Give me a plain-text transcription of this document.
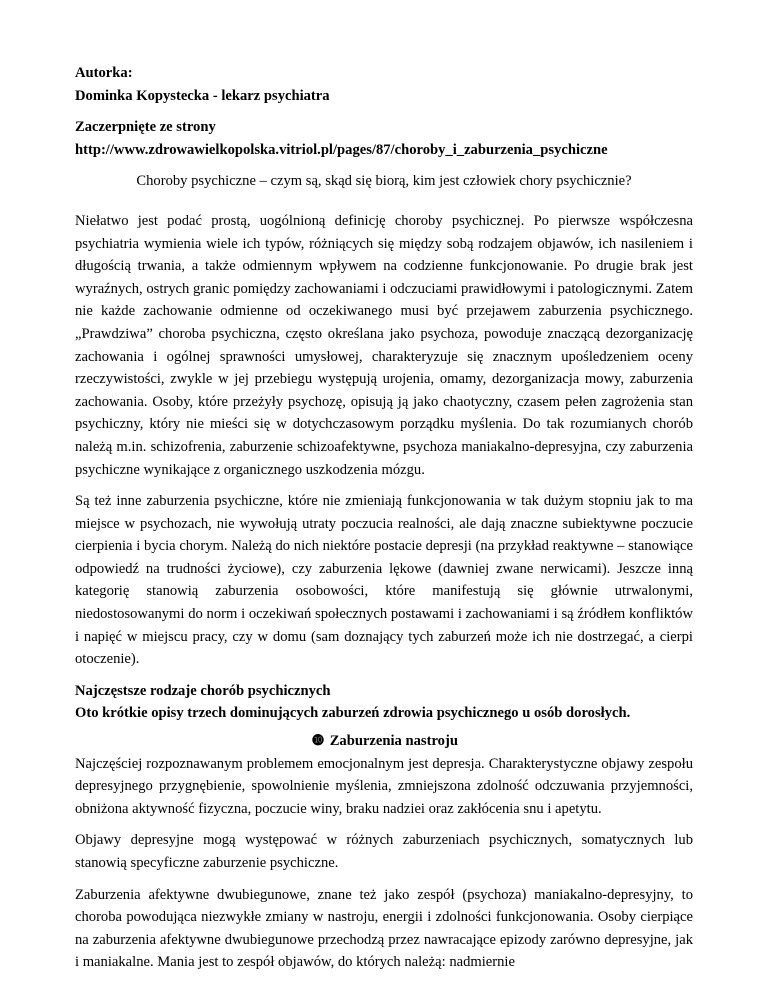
Autorka:

Dominka Kopystecka - lekarz psychiatra

Zaczerpnięte ze strony

http://www.zdrowawielkopolska.vitriol.pl/pages/87/choroby_i_zaburzenia_psychiczne

Choroby psychiczne – czym są, skąd się biorą, kim jest człowiek chory psychicznie?

Niełatwo jest podać prostą, uogólnioną definicję choroby psychicznej. Po pierwsze współczesna psychiatria wymienia wiele ich typów, różniących się między sobą rodzajem objawów, ich nasileniem i długością trwania, a także odmiennym wpływem na codzienne funkcjonowanie. Po drugie brak jest wyraźnych, ostrych granic pomiędzy zachowaniami i odczuciami prawidłowymi i patologicznymi. Zatem nie każde zachowanie odmienne od oczekiwanego musi być przejawem zaburzenia psychicznego. „Prawdziwa” choroba psychiczna, często określana jako psychoza, powoduje znaczącą dezorganizację zachowania i ogólnej sprawności umysłowej, charakteryzuje się znacznym upośledzeniem oceny rzeczywistości, zwykle w jej przebiegu występują urojenia, omamy, dezorganizacja mowy, zaburzenia zachowania. Osoby, które przeżyły psychozę, opisują ją jako chaotyczny, czasem pełen zagrożenia stan psychiczny, który nie mieści się w dotychczasowym porządku myślenia. Do tak rozumianych chorób należą m.in. schizofrenia, zaburzenie schizoafektywne, psychoza maniakalno-depresyjna, czy zaburzenia psychiczne wynikające z organicznego uszkodzenia mózgu.

Są też inne zaburzenia psychiczne, które nie zmieniają funkcjonowania w tak dużym stopniu jak to ma miejsce w psychozach, nie wywołują utraty poczucia realności, ale dają znaczne subiektywne poczucie cierpienia i bycia chorym. Należą do nich niektóre postacie depresji (na przykład reaktywne – stanowiące odpowiedź na trudności życiowe), czy zaburzenia lękowe (dawniej zwane nerwicami). Jeszcze inną kategorię stanowią zaburzenia osobowości, które manifestują się głównie utrwalonymi, niedostosowanymi do norm i oczekiwań społecznych postawami i zachowaniami i są źródłem konfliktów i napięć w miejscu pracy, czy w domu (sam doznający tych zaburzeń może ich nie dostrzegać, a cierpi otoczenie).

Najczęstsze rodzaje chorób psychicznych

Oto krótkie opisy trzech dominujących zaburzeń zdrowia psychicznego u osób dorosłych.

❿ Zaburzenia nastroju

Najczęściej rozpoznawanym problemem emocjonalnym jest depresja. Charakterystyczne objawy zespołu depresyjnego przygnębienie, spowolnienie myślenia, zmniejszona zdolność odczuwania przyjemności, obniżona aktywność fizyczna, poczucie winy, braku nadziei oraz zakłócenia snu i apetytu.

Objawy depresyjne mogą występować w różnych zaburzeniach psychicznych, somatycznych lub stanowią specyficzne zaburzenie psychiczne.

Zaburzenia afektywne dwubiegunowe, znane też jako zespół (psychoza) maniakalno-depresyjny, to choroba powodująca niezwykłe zmiany w nastroju, energii i zdolności funkcjonowania. Osoby cierpiące na zaburzenia afektywne dwubiegunowe przechodzą przez nawracające epizody zarówno depresyjne, jak i maniakalne. Mania jest to zespół objawów, do których należą: nadmiernie
